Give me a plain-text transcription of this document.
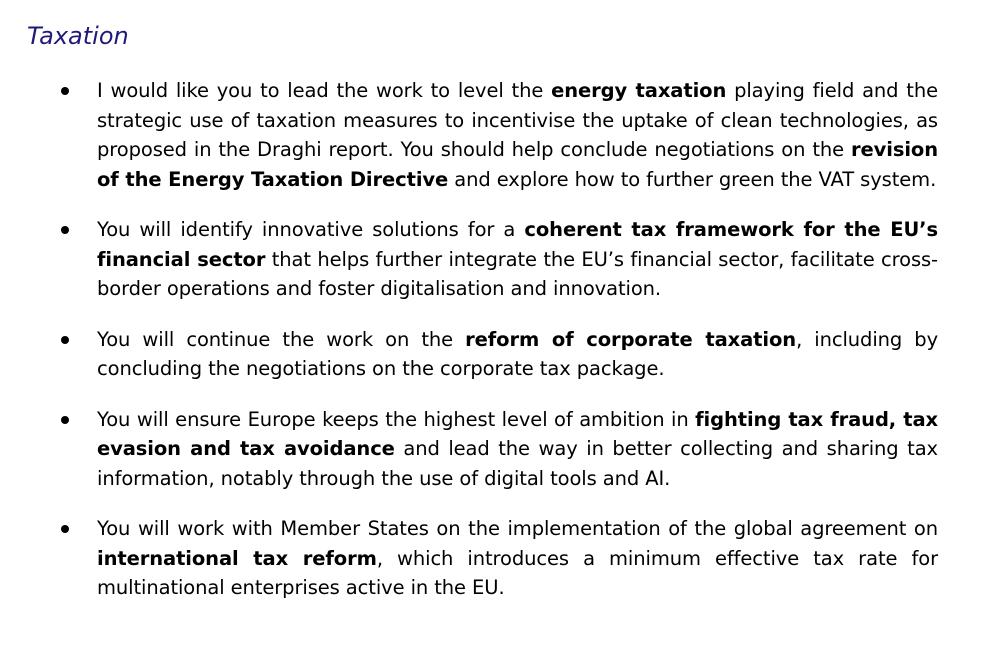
Taxation
I would like you to lead the work to level the energy taxation playing field and the strategic use of taxation measures to incentivise the uptake of clean technologies, as proposed in the Draghi report. You should help conclude negotiations on the revision of the Energy Taxation Directive and explore how to further green the VAT system.
You will identify innovative solutions for a coherent tax framework for the EU’s financial sector that helps further integrate the EU’s financial sector, facilitate cross-border operations and foster digitalisation and innovation.
You will continue the work on the reform of corporate taxation, including by concluding the negotiations on the corporate tax package.
You will ensure Europe keeps the highest level of ambition in fighting tax fraud, tax evasion and tax avoidance and lead the way in better collecting and sharing tax information, notably through the use of digital tools and AI.
You will work with Member States on the implementation of the global agreement on international tax reform, which introduces a minimum effective tax rate for multinational enterprises active in the EU.
